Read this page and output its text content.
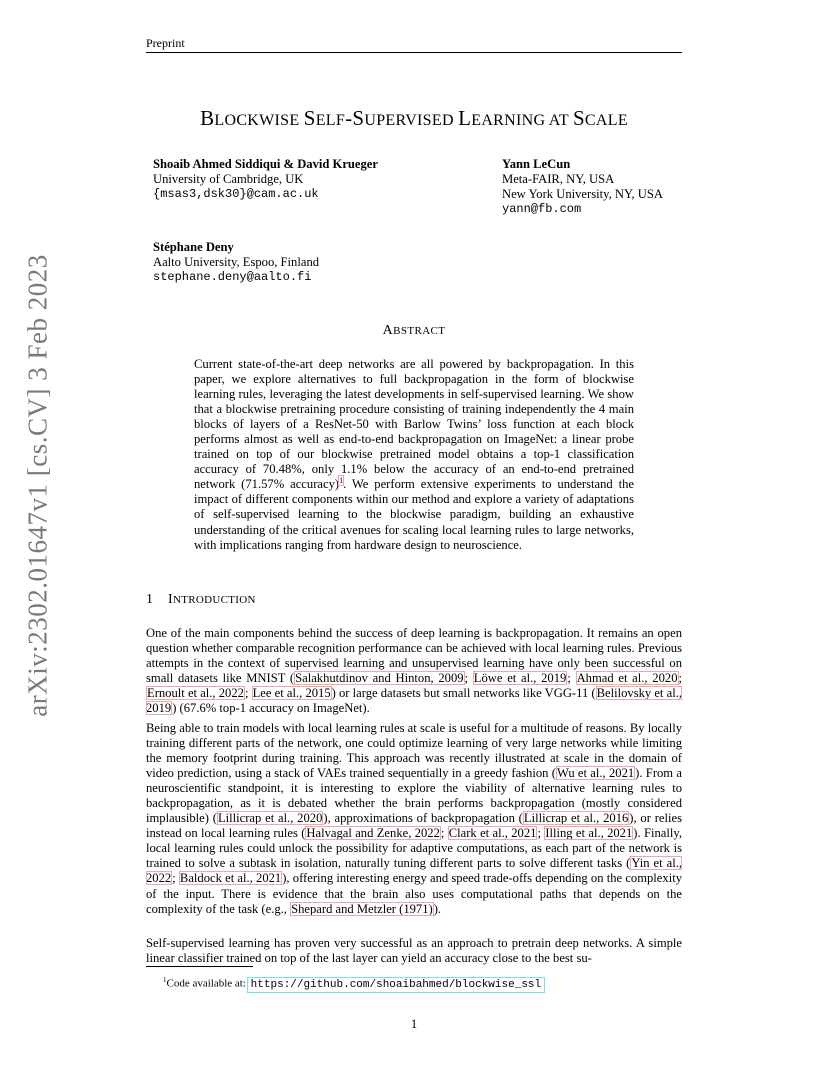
Preprint
arXiv:2302.01647v1 [cs.CV] 3 Feb 2023
BLOCKWISE SELF-SUPERVISED LEARNING AT SCALE
Shoaib Ahmed Siddiqui & David Krueger
University of Cambridge, UK
{msas3,dsk30}@cam.ac.uk
Yann LeCun
Meta-FAIR, NY, USA
New York University, NY, USA
yann@fb.com
Stéphane Deny
Aalto University, Espoo, Finland
stephane.deny@aalto.fi
ABSTRACT
Current state-of-the-art deep networks are all powered by backpropagation. In this paper, we explore alternatives to full backpropagation in the form of blockwise learning rules, leveraging the latest developments in self-supervised learning. We show that a blockwise pretraining procedure consisting of training independently the 4 main blocks of layers of a ResNet-50 with Barlow Twins’ loss function at each block performs almost as well as end-to-end backpropagation on ImageNet: a linear probe trained on top of our blockwise pretrained model obtains a top-1 classification accuracy of 70.48%, only 1.1% below the accuracy of an end-to-end pretrained network (71.57% accuracy)$^1$. We perform extensive experiments to understand the impact of different components within our method and explore a variety of adaptations of self-supervised learning to the blockwise paradigm, building an exhaustive understanding of the critical avenues for scaling local learning rules to large networks, with implications ranging from hardware design to neuroscience.
1 INTRODUCTION
One of the main components behind the success of deep learning is backpropagation. It remains an open question whether comparable recognition performance can be achieved with local learning rules. Previous attempts in the context of supervised learning and unsupervised learning have only been successful on small datasets like MNIST (Salakhutdinov and Hinton, 2009; Löwe et al., 2019; Ahmad et al., 2020; Ernoult et al., 2022; Lee et al., 2015) or large datasets but small networks like VGG-11 (Belilovsky et al., 2019) (67.6% top-1 accuracy on ImageNet).
Being able to train models with local learning rules at scale is useful for a multitude of reasons. By locally training different parts of the network, one could optimize learning of very large networks while limiting the memory footprint during training. This approach was recently illustrated at scale in the domain of video prediction, using a stack of VAEs trained sequentially in a greedy fashion (Wu et al., 2021). From a neuroscientific standpoint, it is interesting to explore the viability of alternative learning rules to backpropagation, as it is debated whether the brain performs backpropagation (mostly considered implausible) (Lillicrap et al., 2020), approximations of backpropagation (Lillicrap et al., 2016), or relies instead on local learning rules (Halvagal and Zenke, 2022; Clark et al., 2021; Illing et al., 2021). Finally, local learning rules could unlock the possibility for adaptive computations, as each part of the network is trained to solve a subtask in isolation, naturally tuning different parts to solve different tasks (Yin et al., 2022; Baldock et al., 2021), offering interesting energy and speed trade-offs depending on the complexity of the input. There is evidence that the brain also uses computational paths that depends on the complexity of the task (e.g., Shepard and Metzler (1971)).
Self-supervised learning has proven very successful as an approach to pretrain deep networks. A simple linear classifier trained on top of the last layer can yield an accuracy close to the best su-
$^1$Code available at: https://github.com/shoaibahmed/blockwise_ssl
1
